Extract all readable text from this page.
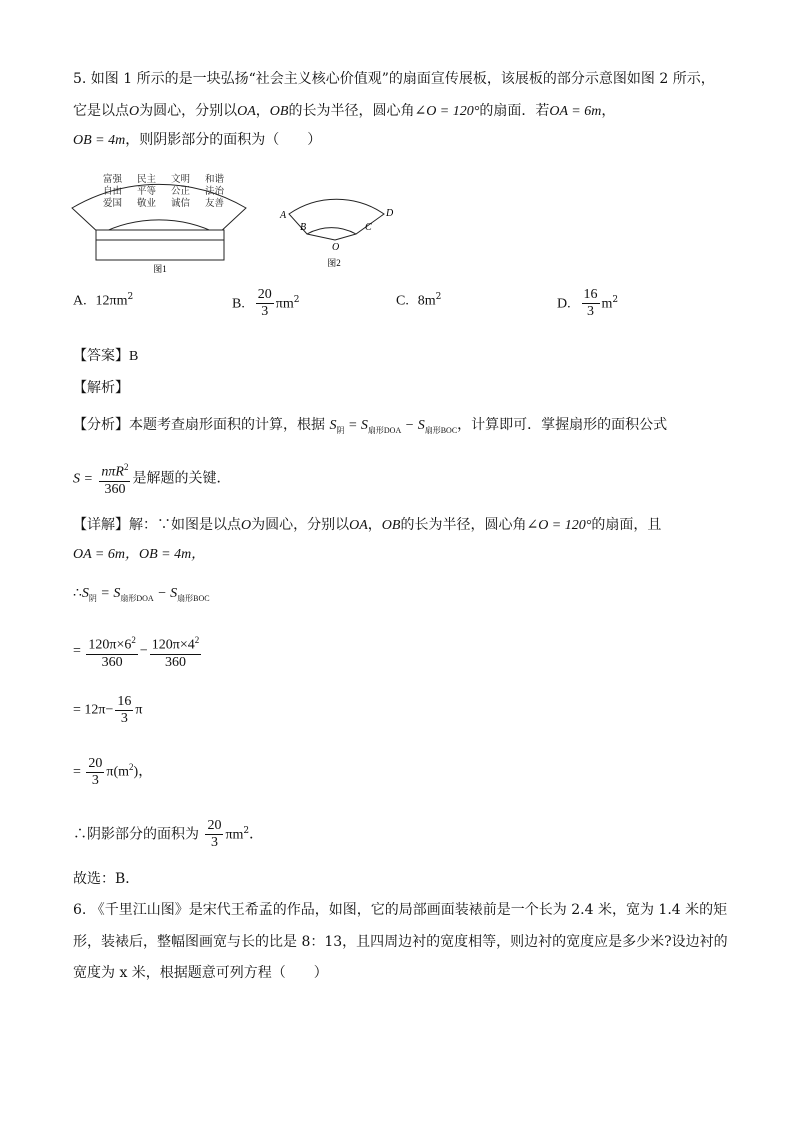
5. 如图 1 所示的是一块弘扬“社会主义核心价值观”的扇面宣传展板，该展板的部分示意图如图 2 所示，
它是以点O为圆心，分别以OA，OB的长为半径，圆心角∠O = 120°的扇面．若OA = 6m，
OB = 4m，则阴影部分的面积为（　　）
富强 民主 文明 和谐
自由 平等 公正 法治
爱国 敬业 诚信 友善
图1
A
B	C
D
O
图2
A. $12\pi m^2$	B. $\frac{20}{3} \pi m^2$	C. $8m^2$	D. $\frac{16}{3} m^2$
【答案】B
【解析】
【分析】本题考查扇形面积的计算，根据 $S_阴 = S_{扇形DOA} - S_{扇形BOC}$，计算即可．掌握扇形的面积公式
$S = \frac{n\pi R^2}{360}$ 是解题的关键．
【详解】解：∵如图是以点O为圆心，分别以OA，OB的长为半径，圆心角∠O = 120°的扇面，且
OA = 6m，OB = 4m，
$\therefore S_阴 = S_{扇形DOA} - S_{扇形BOC}$
= $\frac{120\pi\times 6^2}{360} - \frac{120\pi\times 4^2}{360}$
= $12\pi- \frac{16}{3}$ π
= $\frac{20}{3} \pi(m^2)$，
∴阴影部分的面积为 $\frac{20}{3} \pi m^2$．
故选：B．
6. 《千里江山图》是宋代王希孟的作品，如图，它的局部画面装裱前是一个长为 2.4 米，宽为 1.4 米的矩
形，装裱后，整幅图画宽与长的比是 8：13，且四周边衬的宽度相等，则边衬的宽度应是多少米?设边衬的
宽度为 x 米，根据题意可列方程（　　）
